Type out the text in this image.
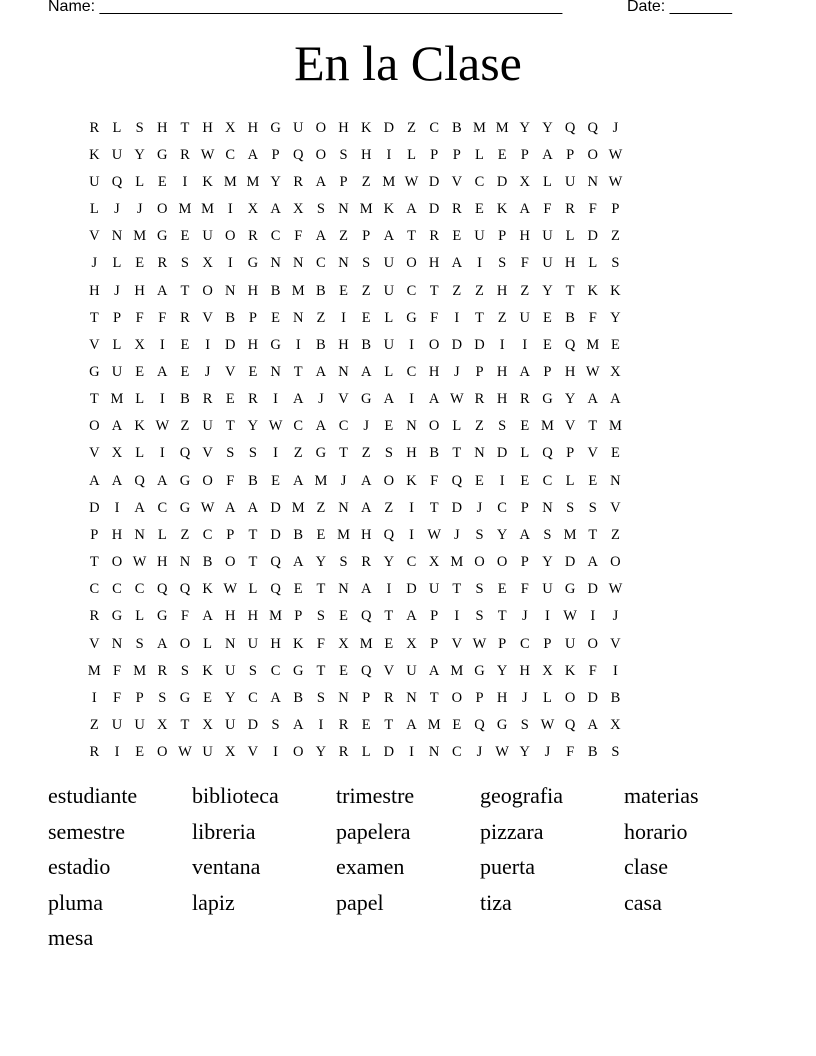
Name: ____________________________________________________	Date: _______
En la Clase
R L S H T H X H G U O H K D Z C B M M Y Y Q Q	J
K U Y G R W C A P Q O S H	I	L P	P L E P A P O W
U Q L E	I	K M M Y R A P Z M W D V C D X L U N W
L	J	J	O M M I	X A X S N M K A D R E K A F R F	P
V N M G E U O R C F A Z P A T R E U P H U L D Z
J	L E R S X	I	G N N C N S U O H A	I	S	F U H L S
H	J	H A T O N H B M B E Z U C T Z Z H Z Y T K K
T P	F	F R V B P E N Z	I	E L G F	I	T Z U E B F Y
V L X	I	E	I	D H G	I	B H B U	I	O D D	I	I	E Q M E
G U E A E	J	V E N T A N A L C H	J	P H A P H W X
T M L	I	B R E R	I	A	J	V G A	I	A W R H R G Y A A
O A K W Z U T Y W C A C	J	E N O L Z S E M V T M
V X L	I	Q V S	S	I	Z G T Z S H B T N D L Q P V E
A A Q A G O F B E A M J	A O K F Q E	I	E C L E N
D	I	A C G W A A D M Z N A Z	I	T D	J	C P N S	S V
P H N L Z C P T D B E M H Q	I W J	S Y A S M T Z
T O W H N B O T Q A Y S R Y C X M O O P Y D A O
C C C Q Q K W L Q E T N A	I	D U T S E F U G D W
R G L G F A H H M P	S E Q T A P	I	S T	J	I W I	J
V N S A O L N U H K F X M E X P V W P C P U O V
M F M R S K U S C G T E Q V U A M G Y H X K F	I
I	F	P	S G E Y C A B S N P R N T O P H	J	L O D B
Z U U X T X U D S A	I	R E T A M E Q G S W Q A X
R	I	E O W U X V	I	O Y R L D	I	N C	J W Y	J	F B S
estudiante	biblioteca	trimestre	geografia	materias
semestre	libreria	papelera	pizzara	horario
estadio	ventana	examen	puerta	clase
pluma	lapiz	papel	tiza	casa
mesa
